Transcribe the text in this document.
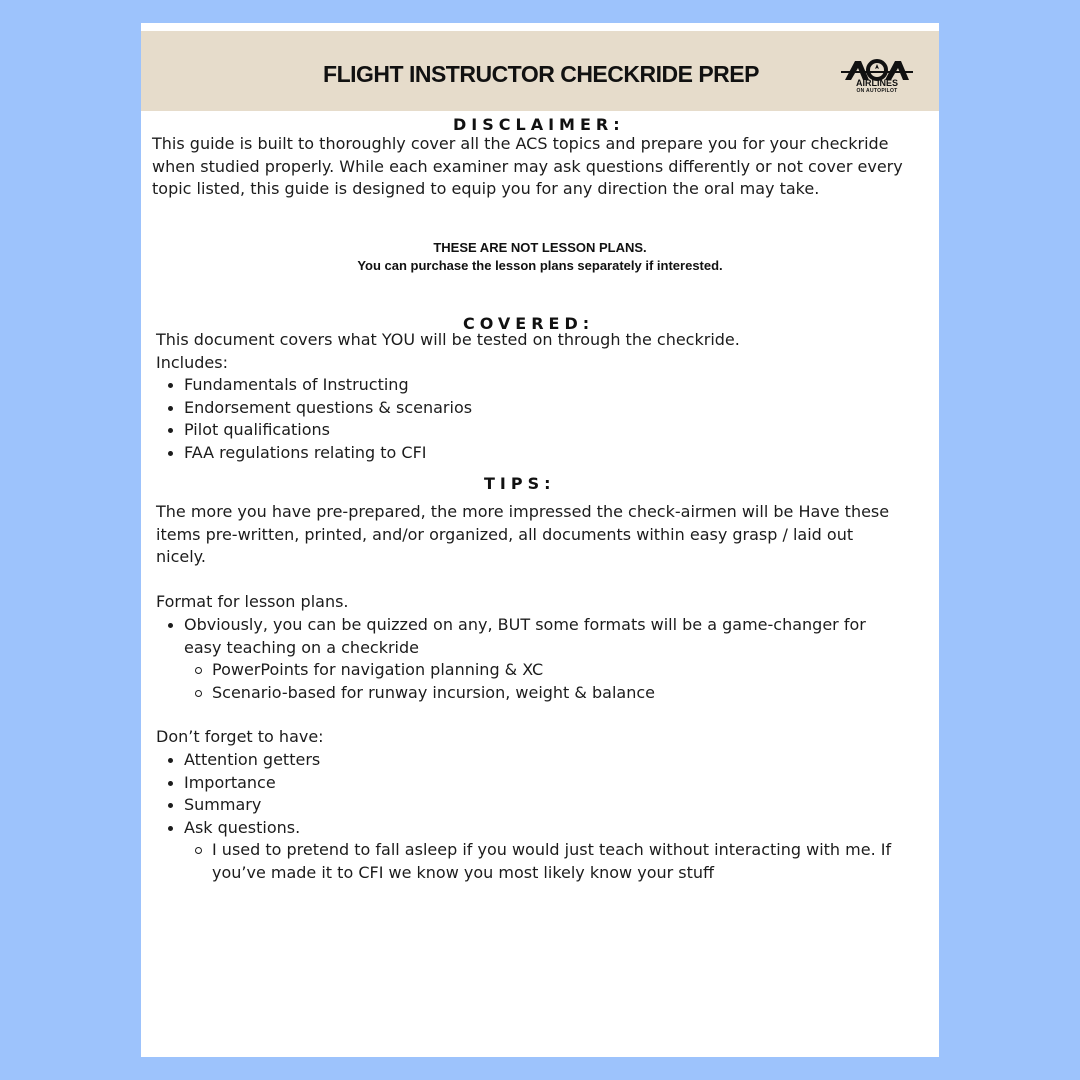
FLIGHT INSTRUCTOR CHECKRIDE PREP	AIRLINES
ON AUTOPILOT
DISCLAIMER:

This guide is built to thoroughly cover all the ACS topics and prepare you for your checkride when studied properly. While each examiner may ask questions differently or not cover every topic listed, this guide is designed to equip you for any direction the oral may take.

THESE ARE NOT LESSON PLANS.
You can purchase the lesson plans separately if interested.
COVERED:

This document covers what YOU will be tested on through the checkride.

Includes:

Fundamentals of Instructing
Endorsement questions & scenarios
Pilot qualifications
FAA regulations relating to CFI
TIPS:

The more you have pre-prepared, the more impressed the check-airmen will be Have these items pre-written, printed, and/or organized, all documents within easy grasp / laid out nicely.

Format for lesson plans.

Obviously, you can be quizzed on any, BUT some formats will be a game-changer for easy teaching on a checkride
PowerPoints for navigation planning & XC
Scenario-based for runway incursion, weight & balance

Don’t forget to have:

Attention getters
Importance
Summary
Ask questions.
I used to pretend to fall asleep if you would just teach without interacting with me. If you’ve made it to CFI we know you most likely know your stuff
